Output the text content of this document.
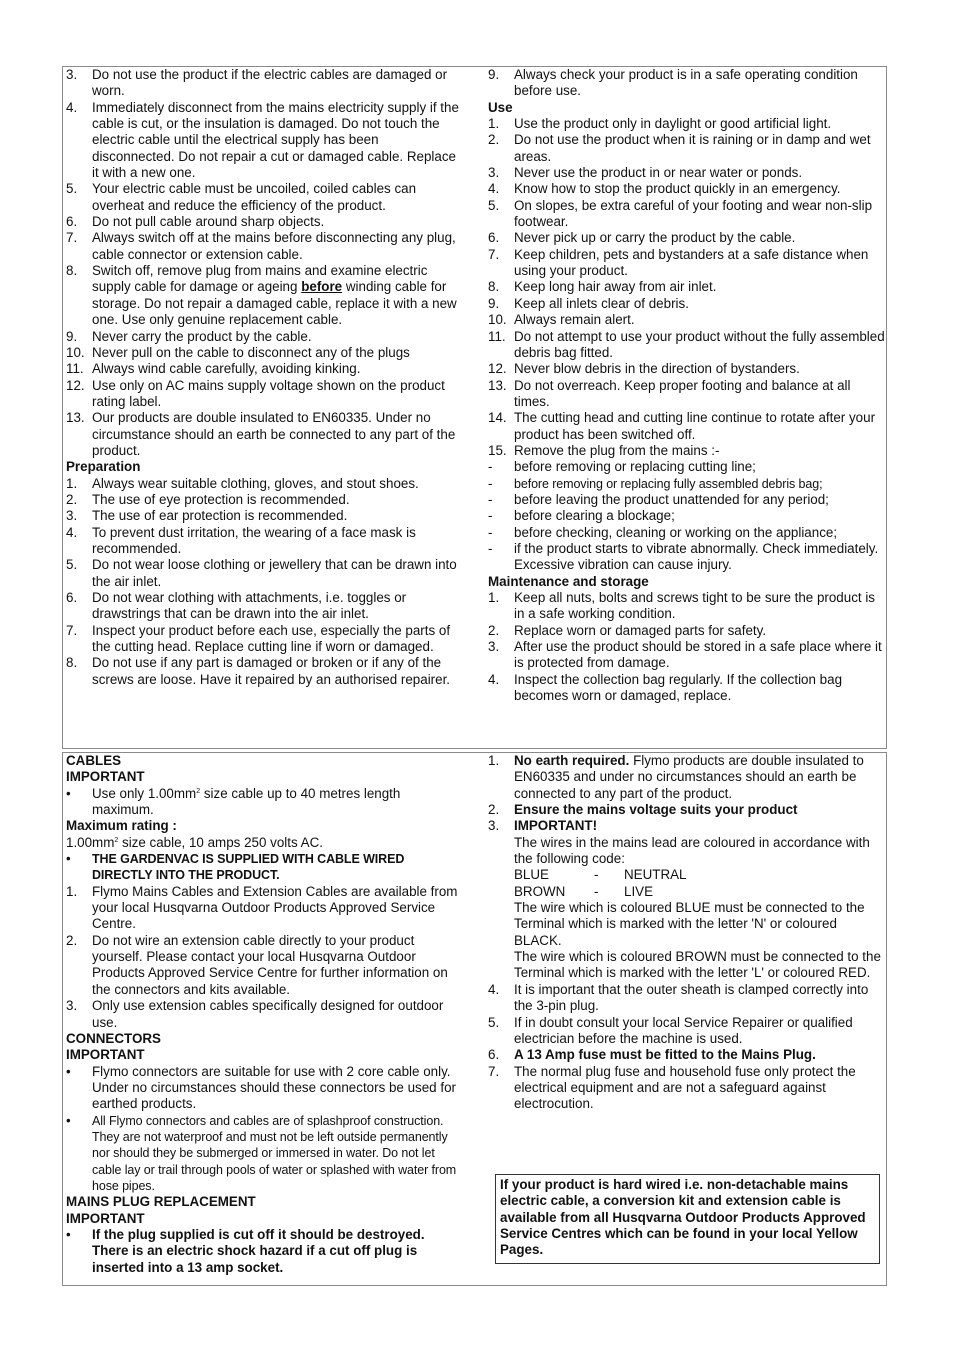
3.	Do not use the product if the electric cables are damaged or worn.
4.	Immediately disconnect from the mains electricity supply if the cable is cut, or the insulation is damaged. Do not touch the electric cable until the electrical supply has been disconnected. Do not repair a cut or damaged cable. Replace it with a new one.
5.	Your electric cable must be uncoiled, coiled cables can overheat and reduce the efficiency of the product.
6.	Do not pull cable around sharp objects.
7.	Always switch off at the mains before disconnecting any plug, cable connector or extension cable.
8.	Switch off, remove plug from mains and examine electric supply cable for damage or ageing before winding cable for storage. Do not repair a damaged cable, replace it with a new one. Use only genuine replacement cable.
9.	Never carry the product by the cable.
10. Never pull on the cable to disconnect any of the plugs
11. Always wind cable carefully, avoiding kinking.
12. Use only on AC mains supply voltage shown on the product rating label.
13. Our products are double insulated to EN60335. Under no circumstance should an earth be connected to any part of the product.
Preparation
1.	Always wear suitable clothing, gloves, and stout shoes.
2.	The use of eye protection is recommended.
3.	The use of ear protection is recommended.
4.	To prevent dust irritation, the wearing of a face mask is recommended.
5.	Do not wear loose clothing or jewellery that can be drawn into the air inlet.
6.	Do not wear clothing with attachments, i.e. toggles or drawstrings that can be drawn into the air inlet.
7.	Inspect your product before each use, especially the parts of the cutting head. Replace cutting line if worn or damaged.
8.	Do not use if any part is damaged or broken or if any of the screws are loose. Have it repaired by an authorised repairer.
9.	Always check your product is in a safe operating condition before use.
Use
1.	Use the product only in daylight or good artificial light.
2.	Do not use the product when it is raining or in damp and wet areas.
3.	Never use the product in or near water or ponds.
4.	Know how to stop the product quickly in an emergency.
5.	On slopes, be extra careful of your footing and wear non-slip footwear.
6.	Never pick up or carry the product by the cable.
7.	Keep children, pets and bystanders at a safe distance when using your product.
8.	Keep long hair away from air inlet.
9.	Keep all inlets clear of debris.
10. Always remain alert.
11. Do not attempt to use your product without the fully assembled debris bag fitted.
12. Never blow debris in the direction of bystanders.
13. Do not overreach. Keep proper footing and balance at all times.
14. The cutting head and cutting line continue to rotate after your product has been switched off.
15. Remove the plug from the mains :-
-	before removing or replacing cutting line;
-	before removing or replacing fully assembled debris bag;
-	before leaving the product unattended for any period;
-	before clearing a blockage;
-	before checking, cleaning or working on the appliance;
-	if the product starts to vibrate abnormally. Check immediately. Excessive vibration can cause injury.
Maintenance and storage
1.	Keep all nuts, bolts and screws tight to be sure the product is in a safe working condition.
2.	Replace worn or damaged parts for safety.
3.	After use the product should be stored in a safe place where it is protected from damage.
4.	Inspect the collection bag regularly. If the collection bag becomes worn or damaged, replace.
CABLES
IMPORTANT
•	Use only $1.00mm^2$ size cable up to 40 metres length maximum.
Maximum rating :
$1.00mm^2$ size cable, 10 amps 250 volts AC.
•	THE GARDENVAC IS SUPPLIED WITH CABLE WIRED DIRECTLY INTO THE PRODUCT.
1.	Flymo Mains Cables and Extension Cables are available from your local Husqvarna Outdoor Products Approved Service Centre.
2.	Do not wire an extension cable directly to your product yourself. Please contact your local Husqvarna Outdoor Products Approved Service Centre for further information on the connectors and kits available.
3.	Only use extension cables specifically designed for outdoor use.
CONNECTORS
IMPORTANT
•	Flymo connectors are suitable for use with 2 core cable only. Under no circumstances should these connectors be used for earthed products.
•	All Flymo connectors and cables are of splashproof construction. They are not waterproof and must not be left outside permanently nor should they be submerged or immersed in water. Do not let cable lay or trail through pools of water or splashed with water from hose pipes.
MAINS PLUG REPLACEMENT
IMPORTANT
•	If the plug supplied is cut off it should be destroyed. There is an electric shock hazard if a cut off plug is inserted into a 13 amp socket.
1.	No earth required. Flymo products are double insulated to EN60335 and under no circumstances should an earth be connected to any part of the product.
2.	Ensure the mains voltage suits your product
3.	IMPORTANT!
The wires in the mains lead are coloured in accordance with the following code:
BLUE	-	NEUTRAL
BROWN	-	LIVE
The wire which is coloured BLUE must be connected to the Terminal which is marked with the letter 'N' or coloured BLACK.
The wire which is coloured BROWN must be connected to the Terminal which is marked with the letter 'L' or coloured RED.
4.	It is important that the outer sheath is clamped correctly into the 3-pin plug.
5.	If in doubt consult your local Service Repairer or qualified electrician before the machine is used.
6.	A 13 Amp fuse must be fitted to the Mains Plug.
7.	The normal plug fuse and household fuse only protect the electrical equipment and are not a safeguard against electrocution.
If your product is hard wired i.e. non-detachable mains electric cable, a conversion kit and extension cable is available from all Husqvarna Outdoor Products Approved Service Centres which can be found in your local Yellow Pages.
